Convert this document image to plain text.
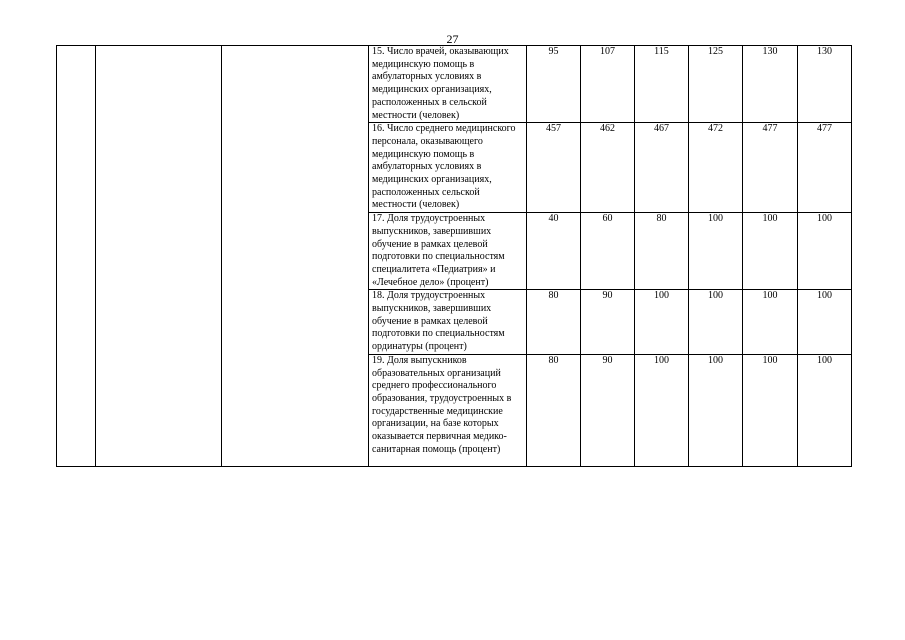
27
			15. Число врачей, оказывающих медицинскую помощь в амбулаторных условиях в медицинских организациях, расположенных в сельской местности (человек)	95	107	115	125	130	130
			16. Число среднего медицинского персонала, оказывающего медицинскую помощь в амбулаторных условиях в медицинских организациях, расположенных сельской местности (человек)	457	462	467	472	477	477
			17. Доля трудоустроенных выпускников, завершивших обучение в рамках целевой подготовки по специальностям специалитета «Педиатрия» и «Лечебное дело» (процент)	40	60	80	100	100	100
			18. Доля трудоустроенных выпускников, завершивших обучение в рамках целевой подготовки по специальностям ординатуры (процент)	80	90	100	100	100	100
			19. Доля выпускников образовательных организаций среднего профессионального образования, трудоустроенных в государственные медицинские организации, на базе которых оказывается первичная медико-санитарная помощь (процент)	80	90	100	100	100	100
